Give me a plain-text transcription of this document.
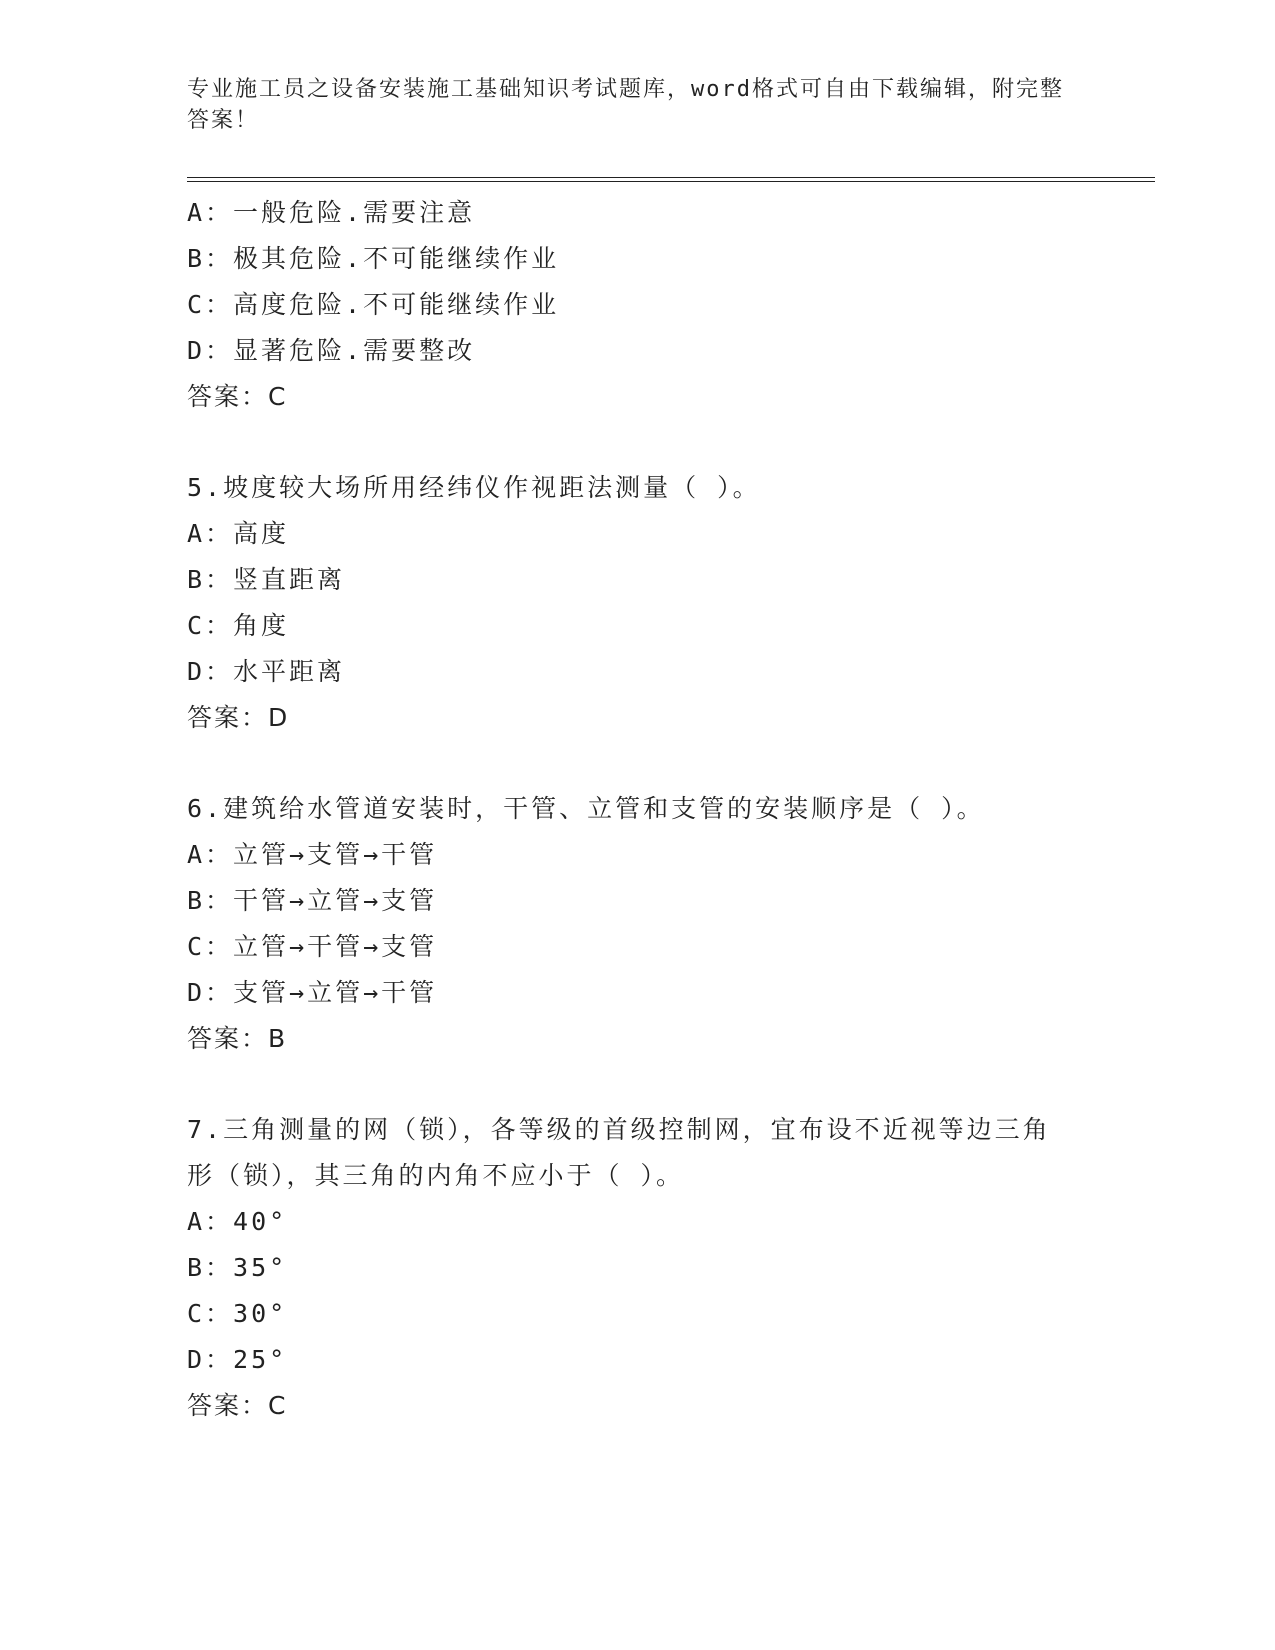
专业施工员之设备安装施工基础知识考试题库，word格式可自由下载编辑，附完整答案！
A：一般危险.需要注意
B：极其危险.不可能继续作业
C：高度危险.不可能继续作业
D：显著危险.需要整改
答案：C
5.坡度较大场所用经纬仪作视距法测量（ ）。
A：高度
B：竖直距离
C：角度
D：水平距离
答案：D
6.建筑给水管道安装时，干管、立管和支管的安装顺序是（ ）。
A：立管→支管→干管
B：干管→立管→支管
C：立管→干管→支管
D：支管→立管→干管
答案：B
7.三角测量的网（锁），各等级的首级控制网，宜布设不近视等边三角形（锁），其三角的内角不应小于（ ）。
A：40°
B：35°
C：30°
D：25°
答案：C
